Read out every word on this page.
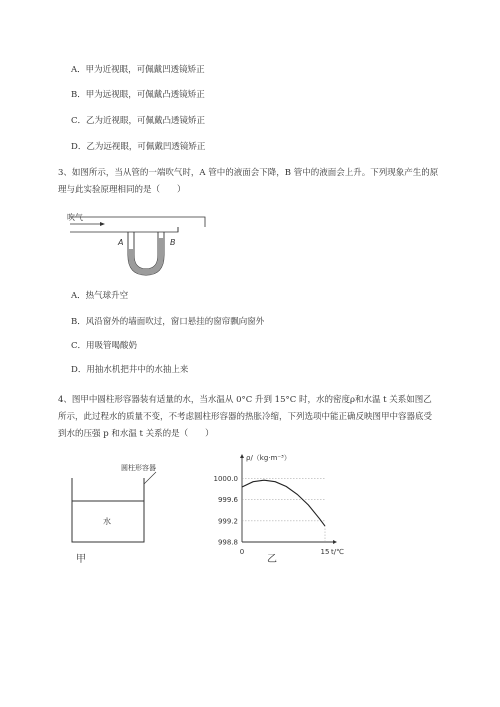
A．甲为近视眼，可佩戴凹透镜矫正
B．甲为远视眼，可佩戴凸透镜矫正
C．乙为近视眼，可佩戴凸透镜矫正
D．乙为远视眼，可佩戴凹透镜矫正
3、如图所示，当从管的一端吹气时，A 管中的液面会下降，B 管中的液面会上升。下列现象产生的原
理与此实验原理相同的是（　　）
吹气
A	B
A．热气球升空
B．风沿窗外的墙面吹过，窗口悬挂的窗帘飘向窗外
C．用吸管喝酸奶
D．用抽水机把井中的水抽上来
4、图甲中圆柱形容器装有适量的水，当水温从 0°C 升到 15°C 时，水的密度ρ和水温 t 关系如图乙
所示，此过程水的质量不变，不考虑圆柱形容器的热胀冷缩，下列选项中能正确反映图甲中容器底受
到水的压强 p 和水温 t 关系的是（　　）
圆柱形容器
水
甲	乙
ρ/（kg·m⁻³）
t/℃
1000.0
999.6
999.2
998.8
0	15
